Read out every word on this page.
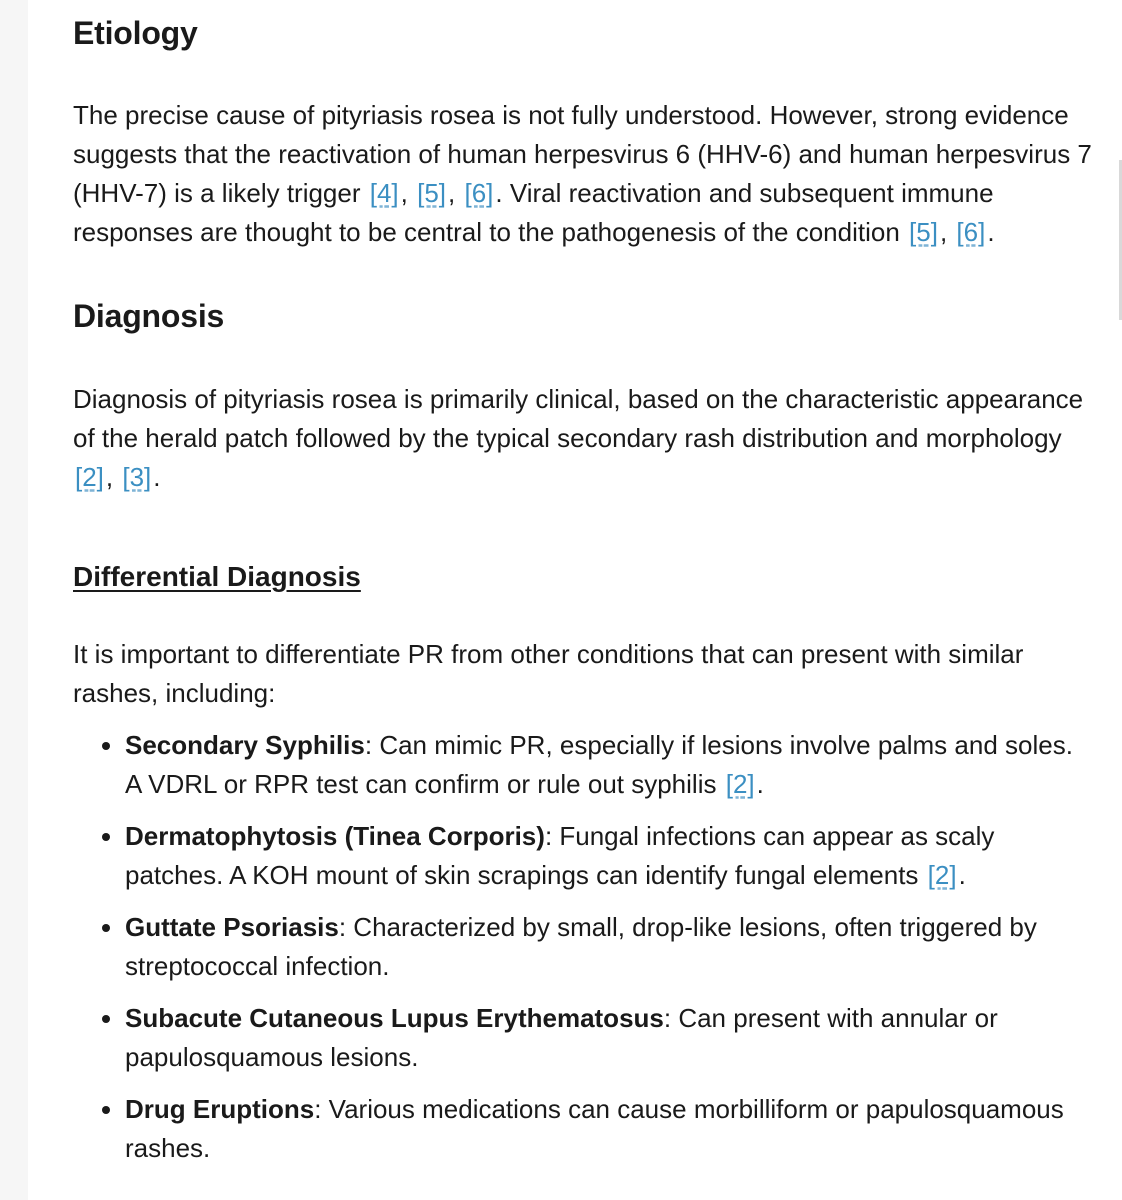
Etiology

The precise cause of pityriasis rosea is not fully understood. However, strong evidence suggests that the reactivation of human herpesvirus 6 (HHV-6) and human herpesvirus 7 (HHV-7) is a likely trigger [4], [5], [6]. Viral reactivation and subsequent immune responses are thought to be central to the pathogenesis of the condition [5], [6].

Diagnosis

Diagnosis of pityriasis rosea is primarily clinical, based on the characteristic appearance of the herald patch followed by the typical secondary rash distribution and morphology [2], [3].

Differential Diagnosis

It is important to differentiate PR from other conditions that can present with similar rashes, including:

• Secondary Syphilis: Can mimic PR, especially if lesions involve palms and soles. A VDRL or RPR test can confirm or rule out syphilis [2].
• Dermatophytosis (Tinea Corporis): Fungal infections can appear as scaly patches. A KOH mount of skin scrapings can identify fungal elements [2].
• Guttate Psoriasis: Characterized by small, drop-like lesions, often triggered by streptococcal infection.
• Subacute Cutaneous Lupus Erythematosus: Can present with annular or papulosquamous lesions.
• Drug Eruptions: Various medications can cause morbilliform or papulosquamous rashes.
